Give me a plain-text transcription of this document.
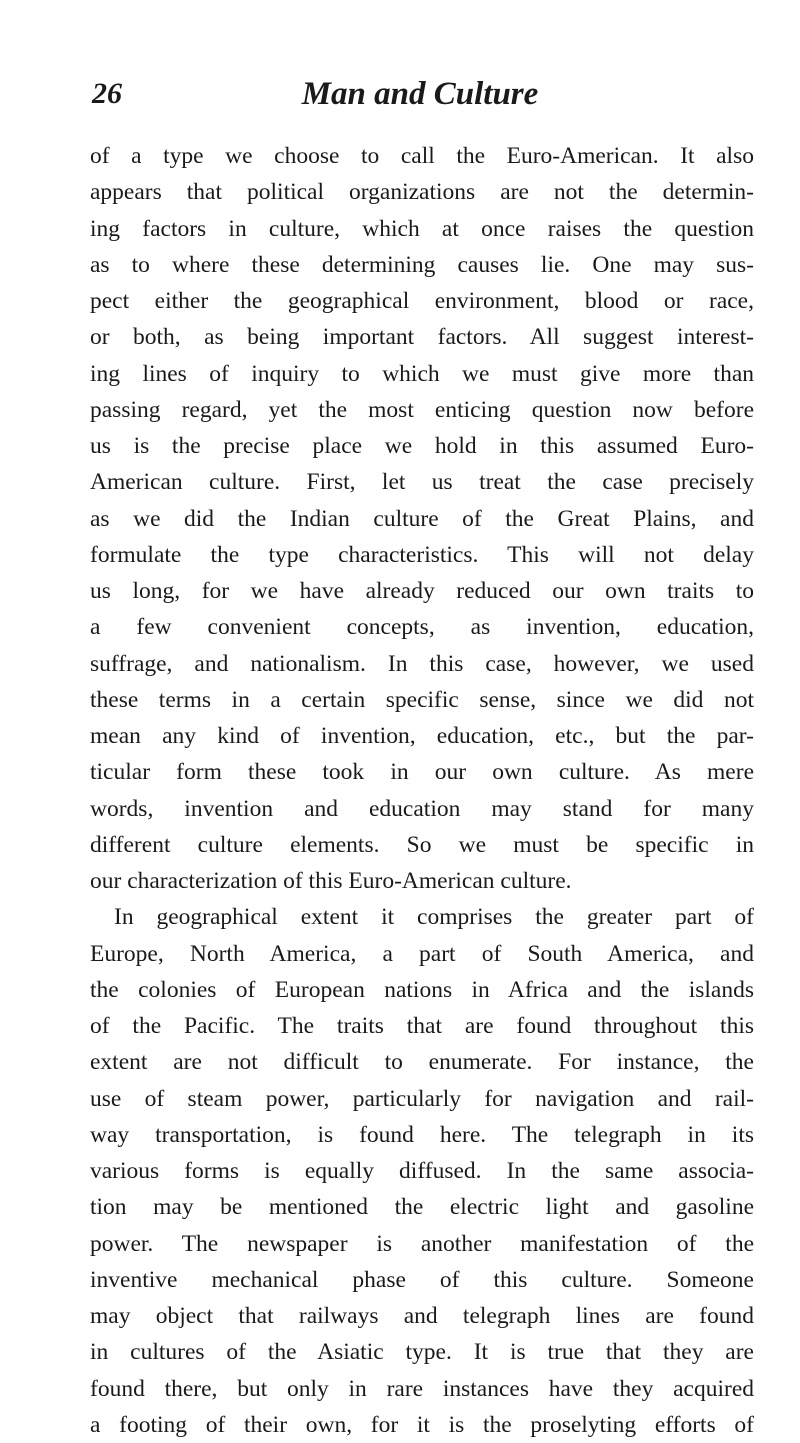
26	Man and Culture
of a type we choose to call the Euro-American. It also
appears that political organizations are not the determin-
ing factors in culture, which at once raises the question
as to where these determining causes lie. One may sus-
pect either the geographical environment, blood or race,
or both, as being important factors. All suggest interest-
ing lines of inquiry to which we must give more than
passing regard, yet the most enticing question now before
us is the precise place we hold in this assumed Euro-
American culture. First, let us treat the case precisely
as we did the Indian culture of the Great Plains, and
formulate the type characteristics. This will not delay
us long, for we have already reduced our own traits to
a few convenient concepts, as invention, education,
suffrage, and nationalism. In this case, however, we used
these terms in a certain specific sense, since we did not
mean any kind of invention, education, etc., but the par-
ticular form these took in our own culture. As mere
words, invention and education may stand for many
different culture elements. So we must be specific in
our characterization of this Euro-American culture.
In geographical extent it comprises the greater part of
Europe, North America, a part of South America, and
the colonies of European nations in Africa and the islands
of the Pacific. The traits that are found throughout this
extent are not difficult to enumerate. For instance, the
use of steam power, particularly for navigation and rail-
way transportation, is found here. The telegraph in its
various forms is equally diffused. In the same associa-
tion may be mentioned the electric light and gasoline
power. The newspaper is another manifestation of the
inventive mechanical phase of this culture. Someone
may object that railways and telegraph lines are found
in cultures of the Asiatic type. It is true that they are
found there, but only in rare instances have they acquired
a footing of their own, for it is the proselyting efforts of
